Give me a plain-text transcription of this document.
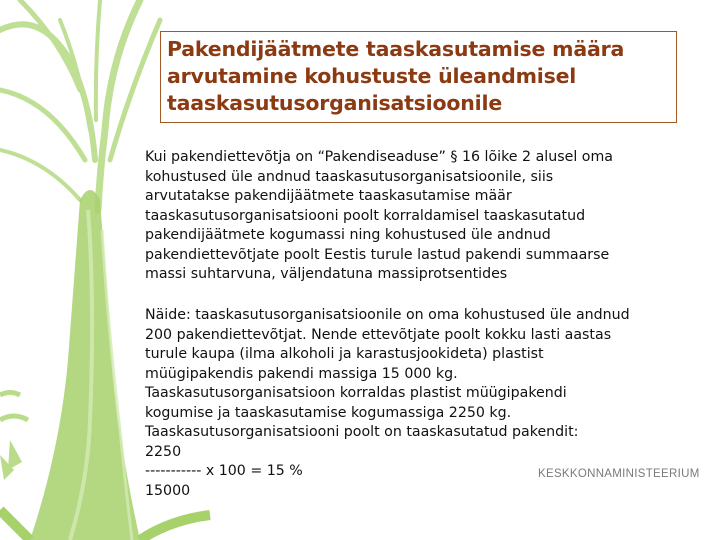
Pakendijäätmete taaskasutamise määra arvutamine kohustuste üleandmisel taaskasutusorganisatsioonile

Kui pakendiettevõtja on “Pakendiseaduse” § 16 lõike 2 alusel oma
kohustused üle andnud taaskasutusorganisatsioonile, siis
arvutatakse pakendijäätmete taaskasutamise määr
taaskasutusorganisatsiooni poolt korraldamisel taaskasutatud
pakendijäätmete kogumassi ning kohustused üle andnud
pakendiettevõtjate poolt Eestis turule lastud pakendi summaarse
massi suhtarvuna, väljendatuna massiprotsentides

Näide: taaskasutusorganisatsioonile on oma kohustused üle andnud
200 pakendiettevõtjat. Nende ettevõtjate poolt kokku lasti aastas
turule kaupa (ilma alkoholi ja karastusjookideta) plastist
müügipakendis pakendi massiga 15 000 kg.
Taaskasutusorganisatsioon korraldas plastist müügipakendi
kogumise ja taaskasutamise kogumassiga 2250 kg.
Taaskasutusorganisatsiooni poolt on taaskasutatud pakendit:
2250
----------- x 100 = 15 %
15000

KESKKONNAMINISTEERIUM
